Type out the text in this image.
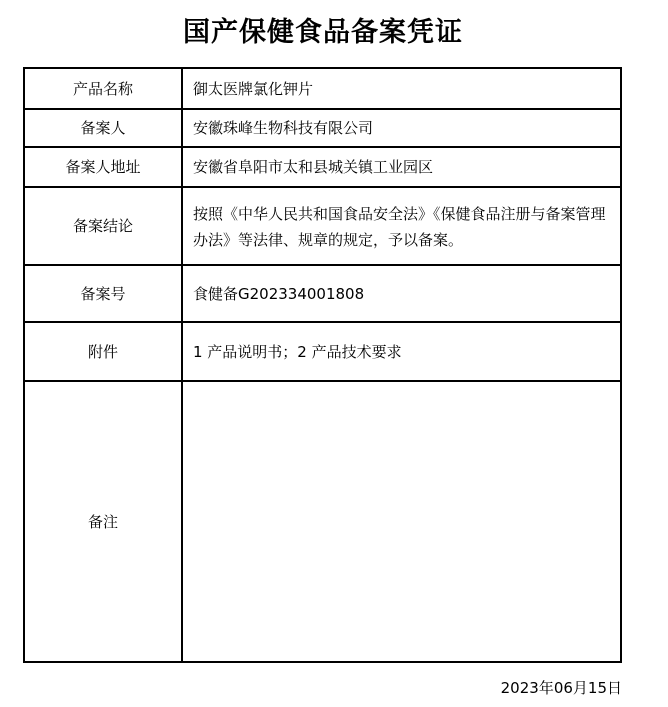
国产保健食品备案凭证
产品名称	御太医牌氯化钾片
备案人	安徽珠峰生物科技有限公司
备案人地址	安徽省阜阳市太和县城关镇工业园区
备案结论	按照《中华人民共和国食品安全法》《保健食品注册与备案管理办法》等法律、规章的规定，予以备案。
备案号	食健备G202334001808
附件	1 产品说明书；2 产品技术要求
备注	
2023年06月15日
